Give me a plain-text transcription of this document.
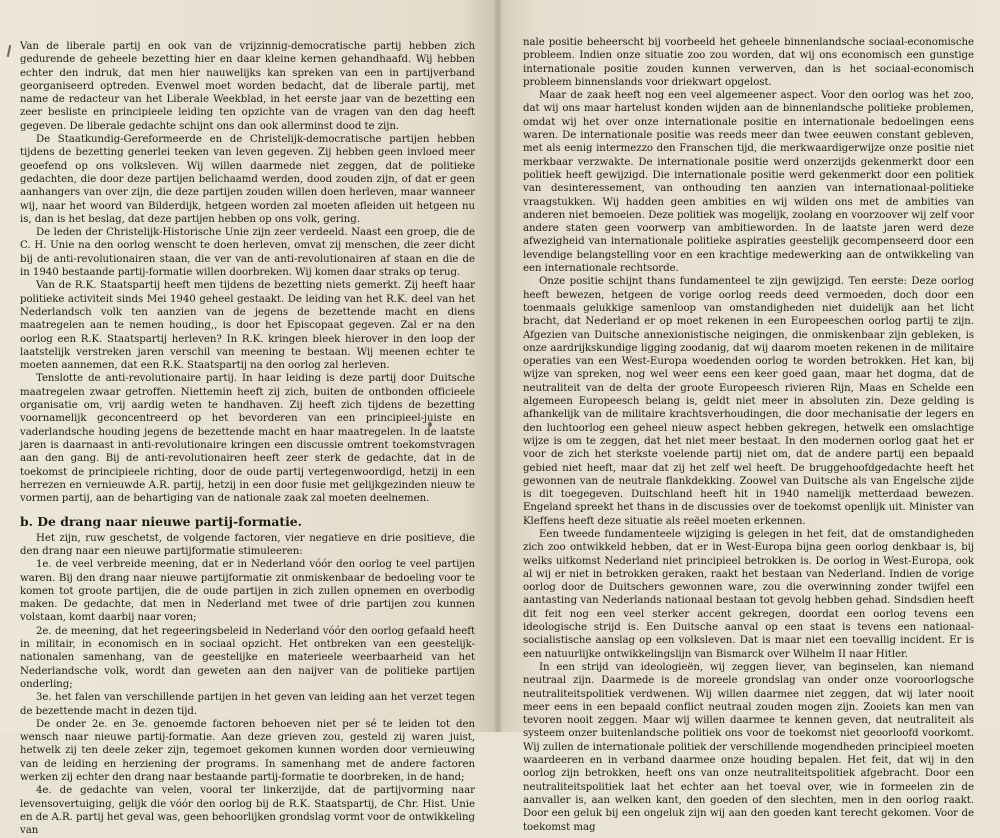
Van de liberale partij en ook van de vrijzinnig-democratische partij hebben zich gedurende de geheele bezetting hier en daar kleine kernen gehandhaafd. Wij hebben echter den indruk, dat men hier nauwelijks kan spreken van een in partijverband georganiseerd optreden. Evenwel moet worden bedacht, dat de liberale partij, met name de redacteur van het Liberale Weekblad, in het eerste jaar van de bezetting een zeer besliste en principieele leiding ten opzichte van de vragen van den dag heeft gegeven. De liberale gedachte schijnt ons dan ook allerminst dood te zijn.

De Staatkundig-Gereformeerde en de Christelijk-democratische partijen hebben tijdens de bezetting generlei teeken van leven gegeven. Zij hebben geen invloed meer geoefend op ons volksleven. Wij willen daarmede niet zeggen, dat de politieke gedachten, die door deze partijen belichaamd werden, dood zouden zijn, of dat er geen aanhangers van over zijn, die deze partijen zouden willen doen herleven, maar wanneer wij, naar het woord van Bilderdijk, hetgeen worden zal moeten afleiden uit hetgeen nu is, dan is het beslag, dat deze partijen hebben op ons volk, gering.

De leden der Christelijk-Historische Unie zijn zeer verdeeld. Naast een groep, die de C. H. Unie na den oorlog wenscht te doen herleven, omvat zij menschen, die zeer dicht bij de anti-revolutionairen staan, die ver van de anti-revolutionairen af staan en die de in 1940 bestaande partij-formatie willen doorbreken. Wij komen daar straks op terug.

Van de R.K. Staatspartij heeft men tijdens de bezetting niets gemerkt. Zij heeft haar politieke activiteit sinds Mei 1940 geheel gestaakt. De leiding van het R.K. deel van het Nederlandsch volk ten aanzien van de jegens de bezettende macht en diens maatregelen aan te nemen houding,, is door het Episcopaat gegeven. Zal er na den oorlog een R.K. Staatspartij herleven? In R.K. kringen bleek hierover in den loop der laatstelijk verstreken jaren verschil van meening te bestaan. Wij meenen echter te moeten aannemen, dat een R.K. Staatspartij na den oorlog zal herleven.

Tenslotte de anti-revolutionaire partij. In haar leiding is deze partij door Duitsche maatregelen zwaar getroffen. Niettemin heeft zij zich, buiten de ontbonden officieele organisatie om, vrij aardig weten te handhaven. Zij heeft zich tijdens de bezetting voornamelijk geconcentreerd op het bevorderen van een principieel-juiste en vaderlandsche houding jegens de bezettende macht en haar maatregelen. In de laatste jaren is daarnaast in anti-revolutionaire kringen een discussie omtrent toekomstvragen aan den gang. Bij de anti-revolutionairen heeft zeer sterk de gedachte, dat in de toekomst de principieele richting, door de oude partij vertegenwoordigd, hetzij in een herrezen en vernieuwde A.R. partij, hetzij in een door fusie met gelijkgezinden nieuw te vormen partij, aan de behartiging van de nationale zaak zal moeten deelnemen.

b. De drang naar nieuwe partij-formatie.

Het zijn, ruw geschetst, de volgende factoren, vier negatieve en drie positieve, die den drang naar een nieuwe partijformatie stimuleeren:

1e. de veel verbreide meening, dat er in Nederland vóór den oorlog te veel partijen waren. Bij den drang naar nieuwe partijformatie zit onmiskenbaar de bedoeling voor te komen tot groote partijen, die de oude partijen in zich zullen opnemen en overbodig maken. De gedachte, dat men in Nederland met twee of drie partijen zou kunnen volstaan, komt daarbij naar voren;

2e. de meening, dat het regeeringsbeleid in Nederland vóór den oorlog gefaald heeft in militair, in economisch en in sociaal opzicht. Het ontbreken van een geestelijk-nationalen samenhang, van de geestelijke en materieele weerbaarheid van het Nederlandsche volk, wordt dan geweten aan den naijver van de politieke partijen onderling;

3e. het falen van verschillende partijen in het geven van leiding aan het verzet tegen de bezettende macht in dezen tijd.

De onder 2e. en 3e. genoemde factoren behoeven niet per sé te leiden tot den wensch naar nieuwe partij-formatie. Aan deze grieven zou, gesteld zij waren juist, hetwelk zij ten deele zeker zijn, tegemoet gekomen kunnen worden door vernieuwing van de leiding en herziening der programs. In samenhang met de andere factoren werken zij echter den drang naar bestaande partij-formatie te doorbreken, in de hand;

4e. de gedachte van velen, vooral ter linkerzijde, dat de partijvorming naar levensovertuiging, gelijk die vóór den oorlog bij de R.K. Staatspartij, de Chr. Hist. Unie en de A.R. partij het geval was, geen behoorlijken grondslag vormt voor de ontwikkeling van

nale positie beheerscht bij voorbeeld het geheele binnenlandsche sociaal-economische probleem. Indien onze situatie zoo zou worden, dat wij ons economisch een gunstige internationale positie zouden kunnen verwerven, dan is het sociaal-economisch probleem binnenslands voor driekwart opgelost.

Maar de zaak heeft nog een veel algemeener aspect. Voor den oorlog was het zoo, dat wij ons maar hartelust konden wijden aan de binnenlandsche politieke problemen, omdat wij het over onze internationale positie en internationale bedoelingen eens waren. De internationale positie was reeds meer dan twee eeuwen constant gebleven, met als eenig intermezzo den Franschen tijd, die merkwaardigerwijze onze positie niet merkbaar verzwakte. De internationale positie werd onzerzijds gekenmerkt door een politiek heeft gewijzigd. Die internationale positie werd gekenmerkt door een politiek van desinteressement, van onthouding ten aanzien van internationaal-politieke vraagstukken. Wij hadden geen ambities en wij wilden ons met de ambities van anderen niet bemoeien. Deze politiek was mogelijk, zoolang en voorzoover wij zelf voor andere staten geen voorwerp van ambitieworden. In de laatste jaren werd deze afwezigheid van internationale politieke aspiraties geestelijk gecompenseerd door een levendige belangstelling voor en een krachtige medewerking aan de ontwikkeling van een internationale rechtsorde.

Onze positie schijnt thans fundamenteel te zijn gewijzigd. Ten eerste: Deze oorlog heeft bewezen, hetgeen de vorige oorlog reeds deed vermoeden, doch door een toenmaals gelukkige samenloop van omstandigheden niet duidelijk aan het licht bracht, dat Nederland er op moet rekenen in een Europeeschen oorlog partij te zijn. Afgezien van Duitsche annexionistische neigingen, die onmiskenbaar zijn gebleken, is onze aardrijkskundige ligging zoodanig, dat wij daarom moeten rekenen in de militaire operaties van een West-Europa woedenden oorlog te worden betrokken. Het kan, bij wijze van spreken, nog wel weer eens een keer goed gaan, maar het dogma, dat de neutraliteit van de delta der groote Europeesch rivieren Rijn, Maas en Schelde een algemeen Europeesch belang is, geldt niet meer in absoluten zin. Deze gelding is afhankelijk van de militaire krachtsverhoudingen, die door mechanisatie der legers en den luchtoorlog een geheel nieuw aspect hebben gekregen, hetwelk een omslachtige wijze is om te zeggen, dat het niet meer bestaat. In den modernen oorlog gaat het er voor de zich het sterkste voelende partij niet om, dat de andere partij een bepaald gebied niet heeft, maar dat zij het zelf wel heeft. De bruggehoofdgedachte heeft het gewonnen van de neutrale flankdekking. Zoowel van Duitsche als van Engelsche zijde is dit toegegeven. Duitschland heeft hit in 1940 namelijk metterdaad bewezen. Engeland spreekt het thans in de discussies over de toekomst openlijk uit. Minister van Kleffens heeft deze situatie als reëel moeten erkennen.

Een tweede fundamenteele wijziging is gelegen in het feit, dat de omstandigheden zich zoo ontwikkeld hebben, dat er in West-Europa bijna geen oorlog denkbaar is, bij welks uitkomst Nederland niet principieel betrokken is. De oorlog in West-Europa, ook al wij er niet in betrokken geraken, raakt het bestaan van Nederland. Indien de vorige oorlog door de Duitschers gewonnen ware, zou die overwinning zonder twijfel een aantasting van Nederlands nationaal bestaan tot gevolg hebben gehad. Sindsdien heeft dit feit nog een veel sterker accent gekregen, doordat een oorlog tevens een ideologische strijd is. Een Duitsche aanval op een staat is tevens een nationaal-socialistische aanslag op een volksleven. Dat is maar niet een toevallig incident. Er is een natuurlijke ontwikkelingslijn van Bismarck over Wilhelm II naar Hitler.

In een strijd van ideologieën, wij zeggen liever, van beginselen, kan niemand neutraal zijn. Daarmede is de moreele grondslag van onder onze vooroorlogsche neutraliteitspolitiek verdwenen. Wij willen daarmee niet zeggen, dat wij later nooit meer eens in een bepaald conflict neutraal zouden mogen zijn. Zooiets kan men van tevoren nooit zeggen. Maar wij willen daarmee te kennen geven, dat neutraliteit als systeem onzer buitenlandsche politiek ons voor de toekomst niet geoorloofd voorkomt. Wij zullen de internationale politiek der verschillende mogendheden principieel moeten waardeeren en in verband daarmee onze houding bepalen. Het feit, dat wij in den oorlog zijn betrokken, heeft ons van onze neutraliteitspolitiek afgebracht. Door een neutraliteitspolitiek laat het echter aan het toeval over, wie in formeelen zin de aanvaller is, aan welken kant, den goeden of den slechten, men in den oorlog raakt. Door een geluk bij een ongeluk zijn wij aan den goeden kant terecht gekomen. Voor de toekomst mag
